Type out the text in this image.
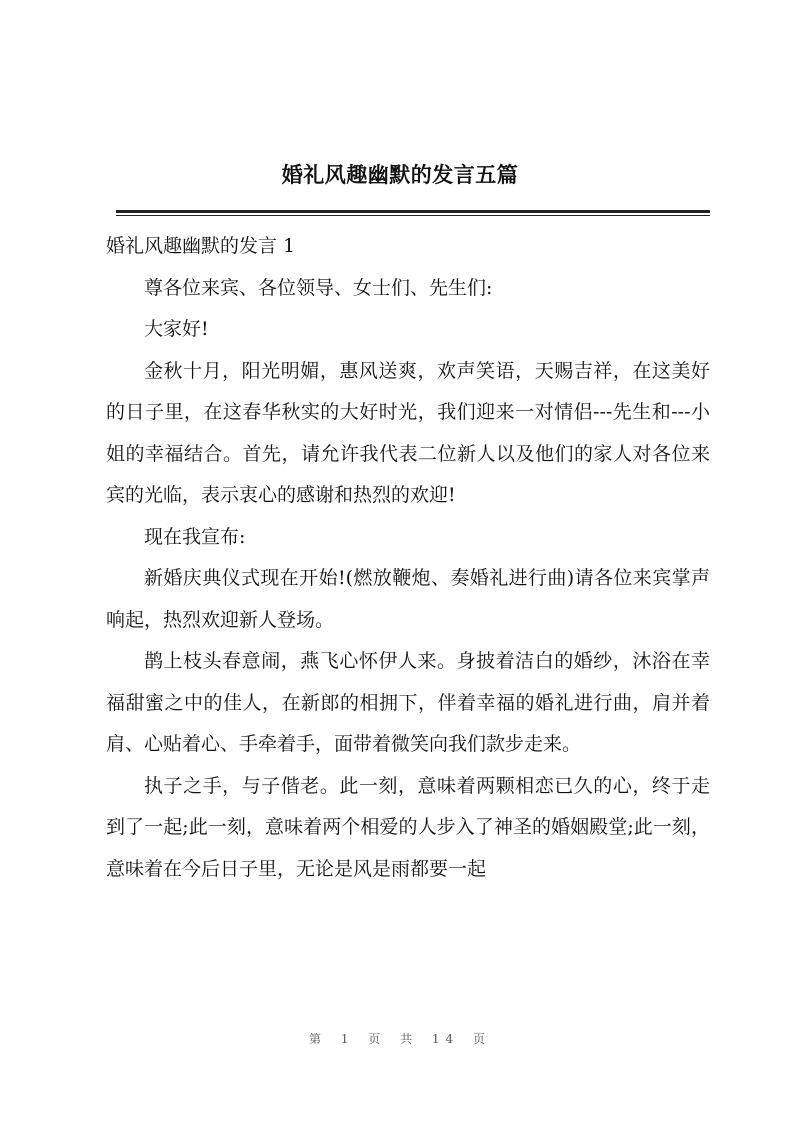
婚礼风趣幽默的发言五篇

婚礼风趣幽默的发言 1

尊各位来宾、各位领导、女士们、先生们:

大家好!

金秋十月，阳光明媚，惠风送爽，欢声笑语，天赐吉祥，在这美好的日子里，在这春华秋实的大好时光，我们迎来一对情侣---先生和---小姐的幸福结合。首先，请允许我代表二位新人以及他们的家人对各位来宾的光临，表示衷心的感谢和热烈的欢迎!

现在我宣布:

新婚庆典仪式现在开始!(燃放鞭炮、奏婚礼进行曲)请各位来宾掌声响起，热烈欢迎新人登场。

鹊上枝头春意闹，燕飞心怀伊人来。身披着洁白的婚纱，沐浴在幸福甜蜜之中的佳人，在新郎的相拥下，伴着幸福的婚礼进行曲，肩并着肩、心贴着心、手牵着手，面带着微笑向我们款步走来。

执子之手，与子偕老。此一刻，意味着两颗相恋已久的心，终于走到了一起;此一刻，意味着两个相爱的人步入了神圣的婚姻殿堂;此一刻，意味着在今后日子里，无论是风是雨都要一起

第 1 页 共 14 页
